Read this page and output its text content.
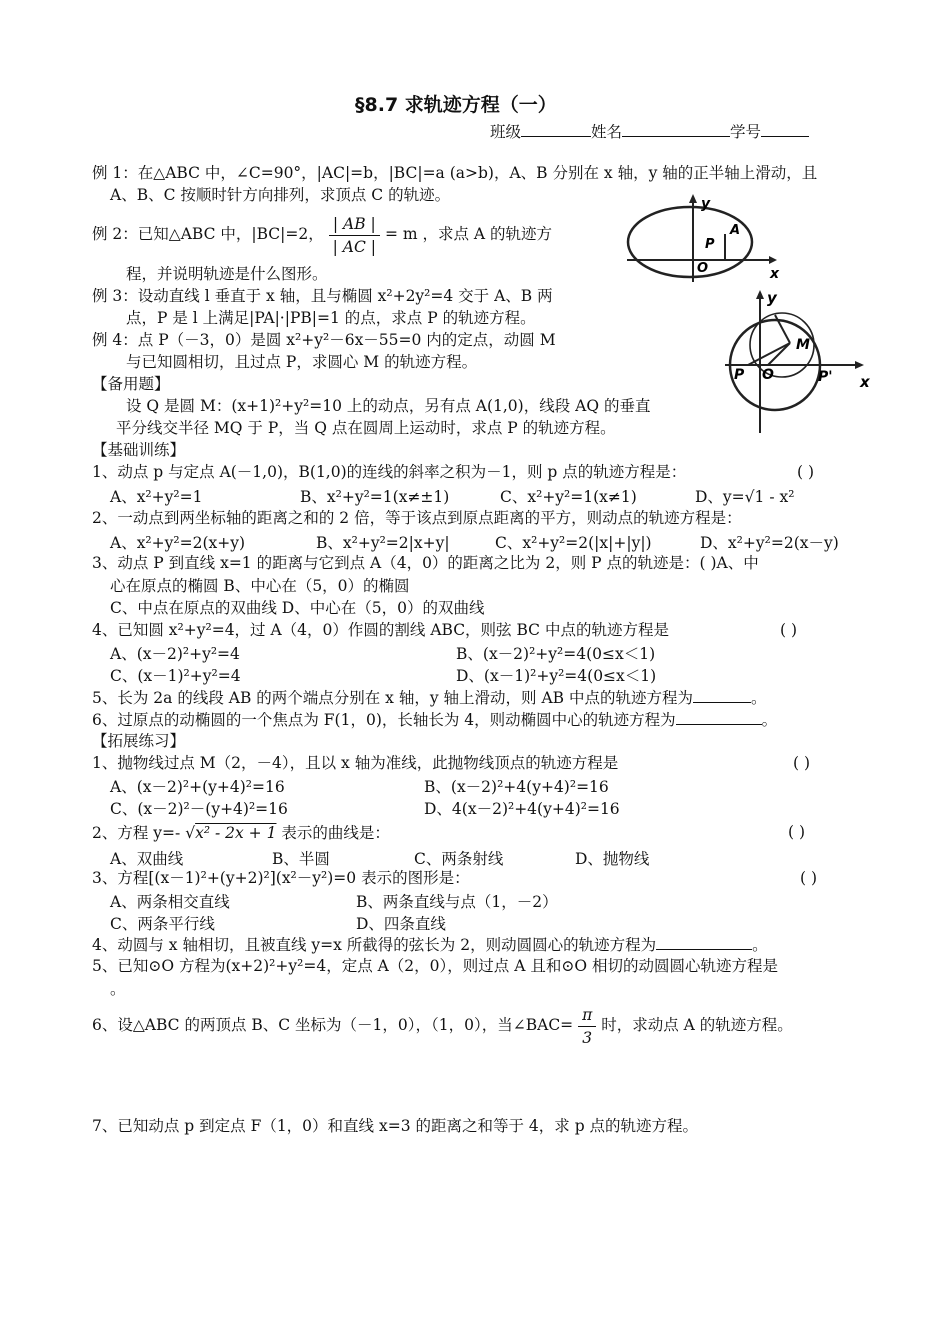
§8.7 求轨迹方程（一）
班级	姓名	学号
例 1：在△ABC 中，∠C=90°，|AC|=b，|BC|=a (a>b)，A、B 分别在 x 轴，y 轴的正半轴上滑动，且
A、B、C 按顺时针方向排列，求顶点 C 的轨迹。
例 2：已知△ABC 中，|BC|=2， $\frac{| AB |}{| AC |} = m$ ，求点 A 的轨迹方
程，并说明轨迹是什么图形。
例 3：设动直线 l 垂直于 x 轴，且与椭圆 x²+2y²=4 交于 A、B 两
点，P 是 l 上满足|PA|·|PB|=1 的点，求点 P 的轨迹方程。
例 4：点 P（－3，0）是圆 x²+y²－6x－55=0 内的定点，动圆 M
与已知圆相切，且过点 P，求圆心 M 的轨迹方程。
【备用题】
设 Q 是圆 M：(x+1)²+y²=10 上的动点，另有点 A(1,0)，线段 AQ 的垂直
平分线交半径 MQ 于 P，当 Q 点在圆周上运动时，求点 P 的轨迹方程。
y
A
P
O	x
y
M
P O	P' x
【基础训练】
1、动点 p 与定点 A(－1,0)，B(1,0)的连线的斜率之积为－1，则 p 点的轨迹方程是：	( )
A、x²+y²=1	B、x²+y²=1(x≠±1)	C、x²+y²=1(x≠1)	D、y=√1 - x²
2、一动点到两坐标轴的距离之和的 2 倍，等于该点到原点距离的平方，则动点的轨迹方程是：
A、x²+y²=2(x+y)	B、x²+y²=2|x+y|	C、x²+y²=2(|x|+|y|)	D、x²+y²=2(x－y)
3、动点 P 到直线 x=1 的距离与它到点 A（4，0）的距离之比为 2，则 P 点的轨迹是：( )A、中
心在原点的椭圆 B、中心在（5，0）的椭圆
C、中点在原点的双曲线 D、中心在（5，0）的双曲线
4、已知圆 x²+y²=4，过 A（4，0）作圆的割线 ABC，则弦 BC 中点的轨迹方程是	( )
A、(x－2)²+y²=4	B、(x－2)²+y²=4(0≤x＜1)
C、(x－1)²+y²=4	D、(x－1)²+y²=4(0≤x＜1)
5、长为 2a 的线段 AB 的两个端点分别在 x 轴，y 轴上滑动，则 AB 中点的轨迹方程为	。
6、过原点的动椭圆的一个焦点为 F(1，0)，长轴长为 4，则动椭圆中心的轨迹方程为	。
【拓展练习】
1、抛物线过点 M（2，－4），且以 x 轴为准线，此抛物线顶点的轨迹方程是	( )
A、(x－2)²+(y+4)²=16	B、(x－2)²+4(y+4)²=16
C、(x－2)²－(y+4)²=16	D、4(x－2)²+4(y+4)²=16
2、方程 y=- √x² - 2x + 1 表示的曲线是：	( )
A、双曲线	B、半圆	C、两条射线	D、抛物线
3、方程[(x－1)²+(y+2)²](x²－y²)=0 表示的图形是：	( )
A、两条相交直线	B、两条直线与点（1，－2）
C、两条平行线	D、四条直线
4、动圆与 x 轴相切，且被直线 y=x 所截得的弦长为 2，则动圆圆心的轨迹方程为	。
5、已知⊙O 方程为(x+2)²+y²=4，定点 A（2，0），则过点 A 且和⊙O 相切的动圆圆心轨迹方程是
。
6、设△ABC 的两顶点 B、C 坐标为（－1，0），（1，0），当∠BAC= $\frac{\pi}{3}$ 时，求动点 A 的轨迹方程。
7、已知动点 p 到定点 F（1，0）和直线 x=3 的距离之和等于 4，求 p 点的轨迹方程。
